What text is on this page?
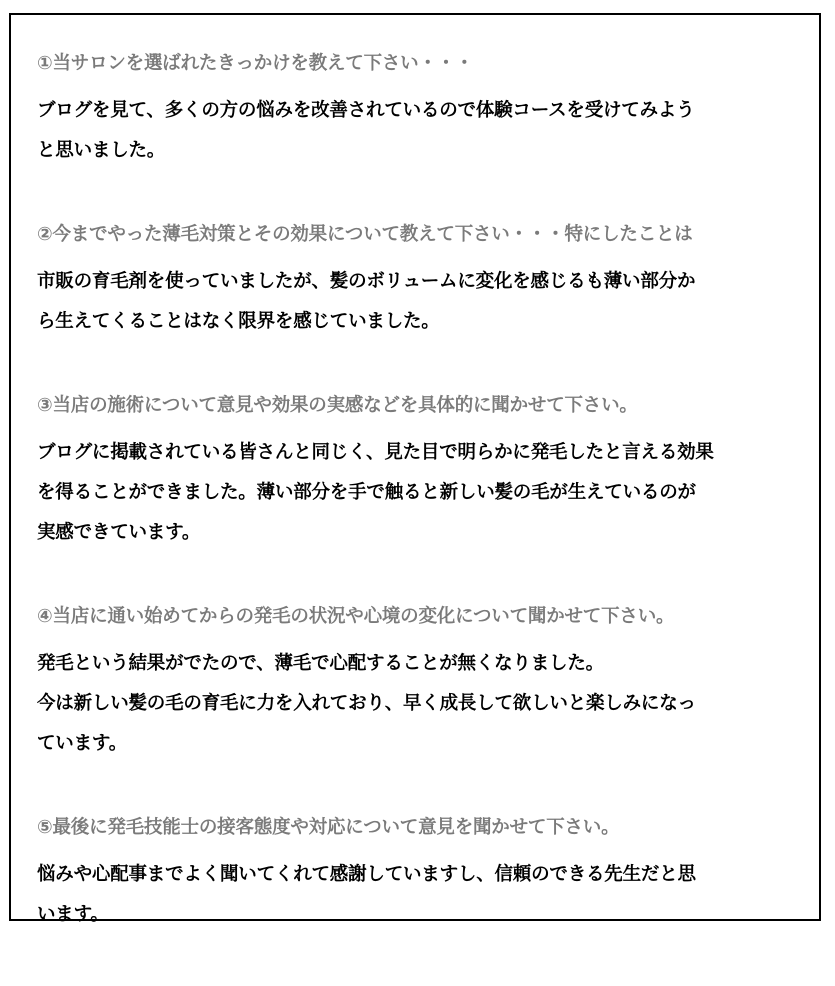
①当サロンを選ばれたきっかけを教えて下さい・・・

ブログを見て、多くの方の悩みを改善されているので体験コースを受けてみよう
と思いました。

②今までやった薄毛対策とその効果について教えて下さい・・・特にしたことは

市販の育毛剤を使っていましたが、髪のボリュームに変化を感じるも薄い部分か
ら生えてくることはなく限界を感じていました。

③当店の施術について意見や効果の実感などを具体的に聞かせて下さい。

ブログに掲載されている皆さんと同じく、見た目で明らかに発毛したと言える効果
を得ることができました。薄い部分を手で触ると新しい髪の毛が生えているのが
実感できています。

④当店に通い始めてからの発毛の状況や心境の変化について聞かせて下さい。

発毛という結果がでたので、薄毛で心配することが無くなりました。
今は新しい髪の毛の育毛に力を入れており、早く成長して欲しいと楽しみになっ
ています。

⑤最後に発毛技能士の接客態度や対応について意見を聞かせて下さい。

悩みや心配事までよく聞いてくれて感謝していますし、信頼のできる先生だと思
います。
